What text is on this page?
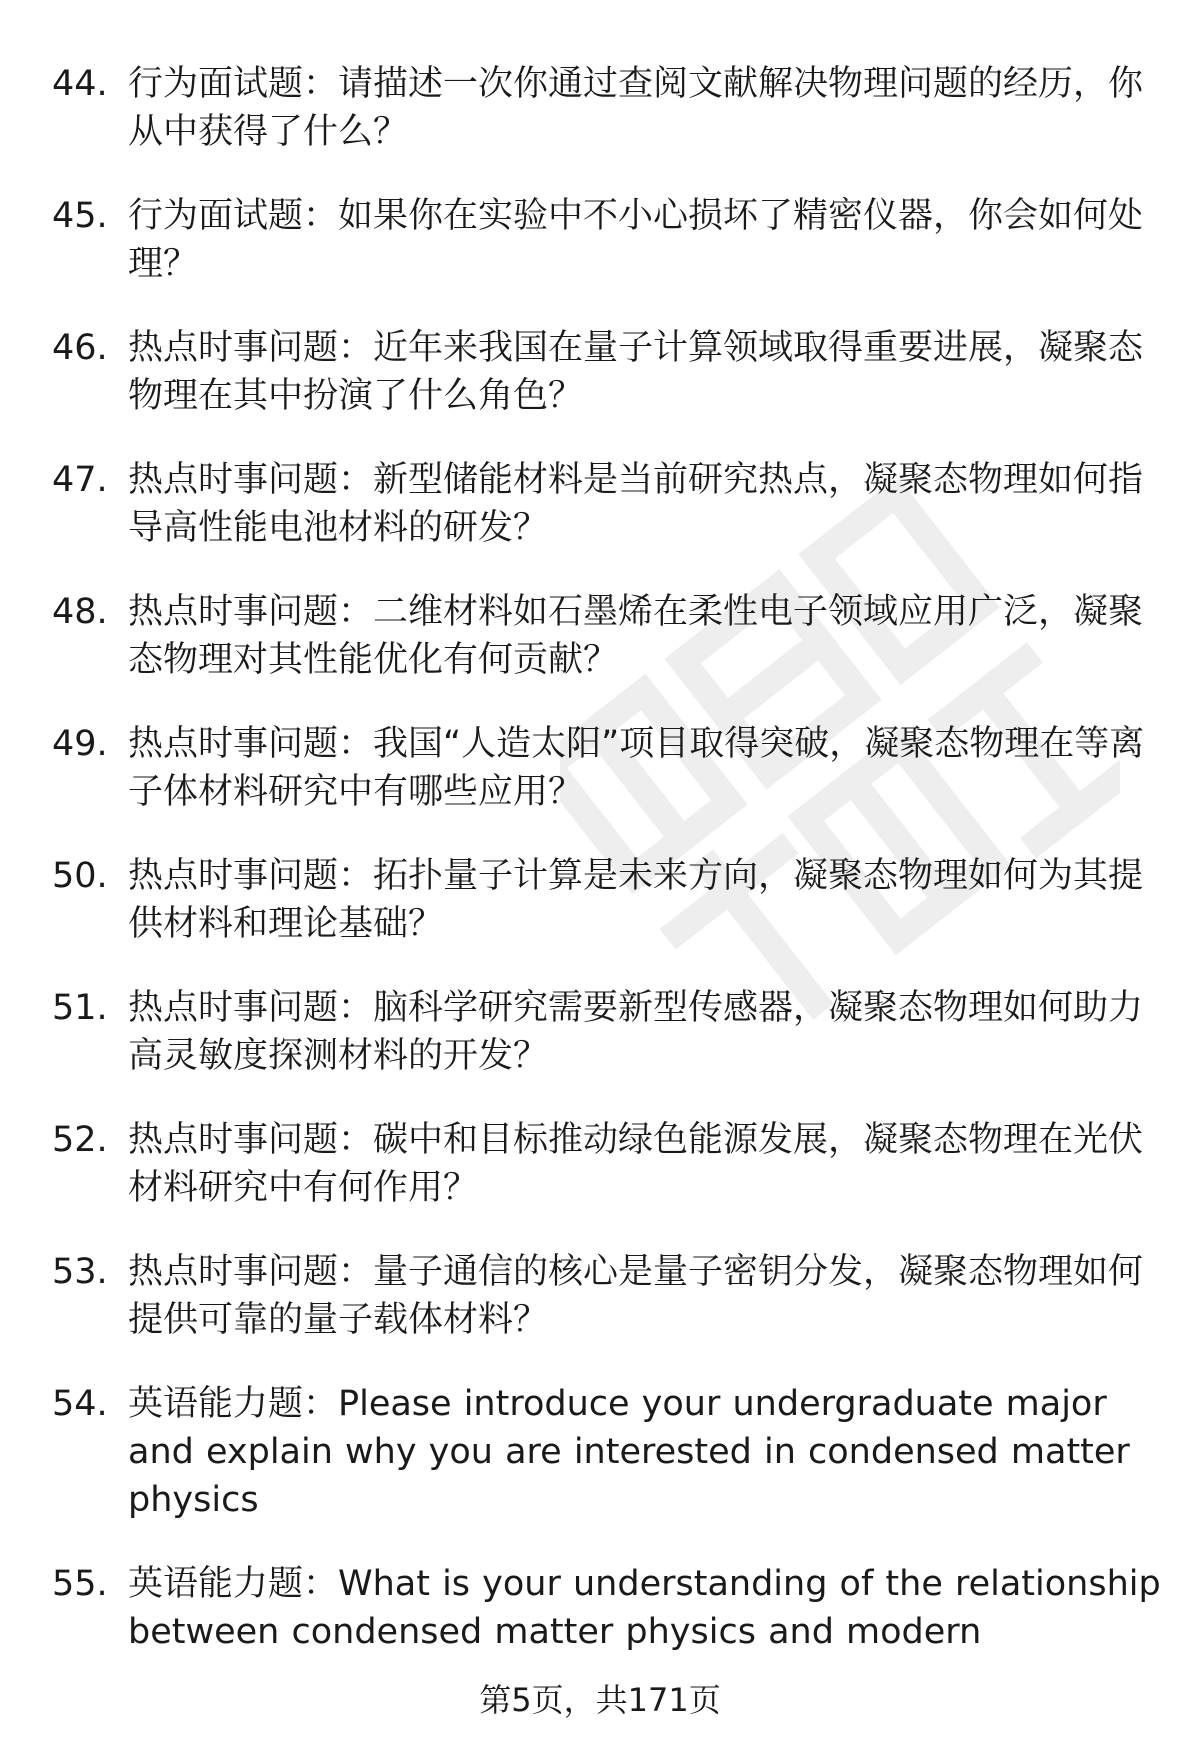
44. 行为面试题：请描述一次你通过查阅文献解决物理问题的经历，你从中获得了什么？
45. 行为面试题：如果你在实验中不小心损坏了精密仪器，你会如何处理？
46. 热点时事问题：近年来我国在量子计算领域取得重要进展，凝聚态物理在其中扮演了什么角色？
47. 热点时事问题：新型储能材料是当前研究热点，凝聚态物理如何指导高性能电池材料的研发？
48. 热点时事问题：二维材料如石墨烯在柔性电子领域应用广泛，凝聚态物理对其性能优化有何贡献？
49. 热点时事问题：我国“人造太阳”项目取得突破，凝聚态物理在等离子体材料研究中有哪些应用？
50. 热点时事问题：拓扑量子计算是未来方向，凝聚态物理如何为其提供材料和理论基础？
51. 热点时事问题：脑科学研究需要新型传感器，凝聚态物理如何助力高灵敏度探测材料的开发？
52. 热点时事问题：碳中和目标推动绿色能源发展，凝聚态物理在光伏材料研究中有何作用？
53. 热点时事问题：量子通信的核心是量子密钥分发，凝聚态物理如何提供可靠的量子载体材料？
54. 英语能力题：Please introduce your undergraduate major and explain why you are interested in condensed matter physics
55. 英语能力题：What is your understanding of the relationship between condensed matter physics and modern
第5页，共171页
